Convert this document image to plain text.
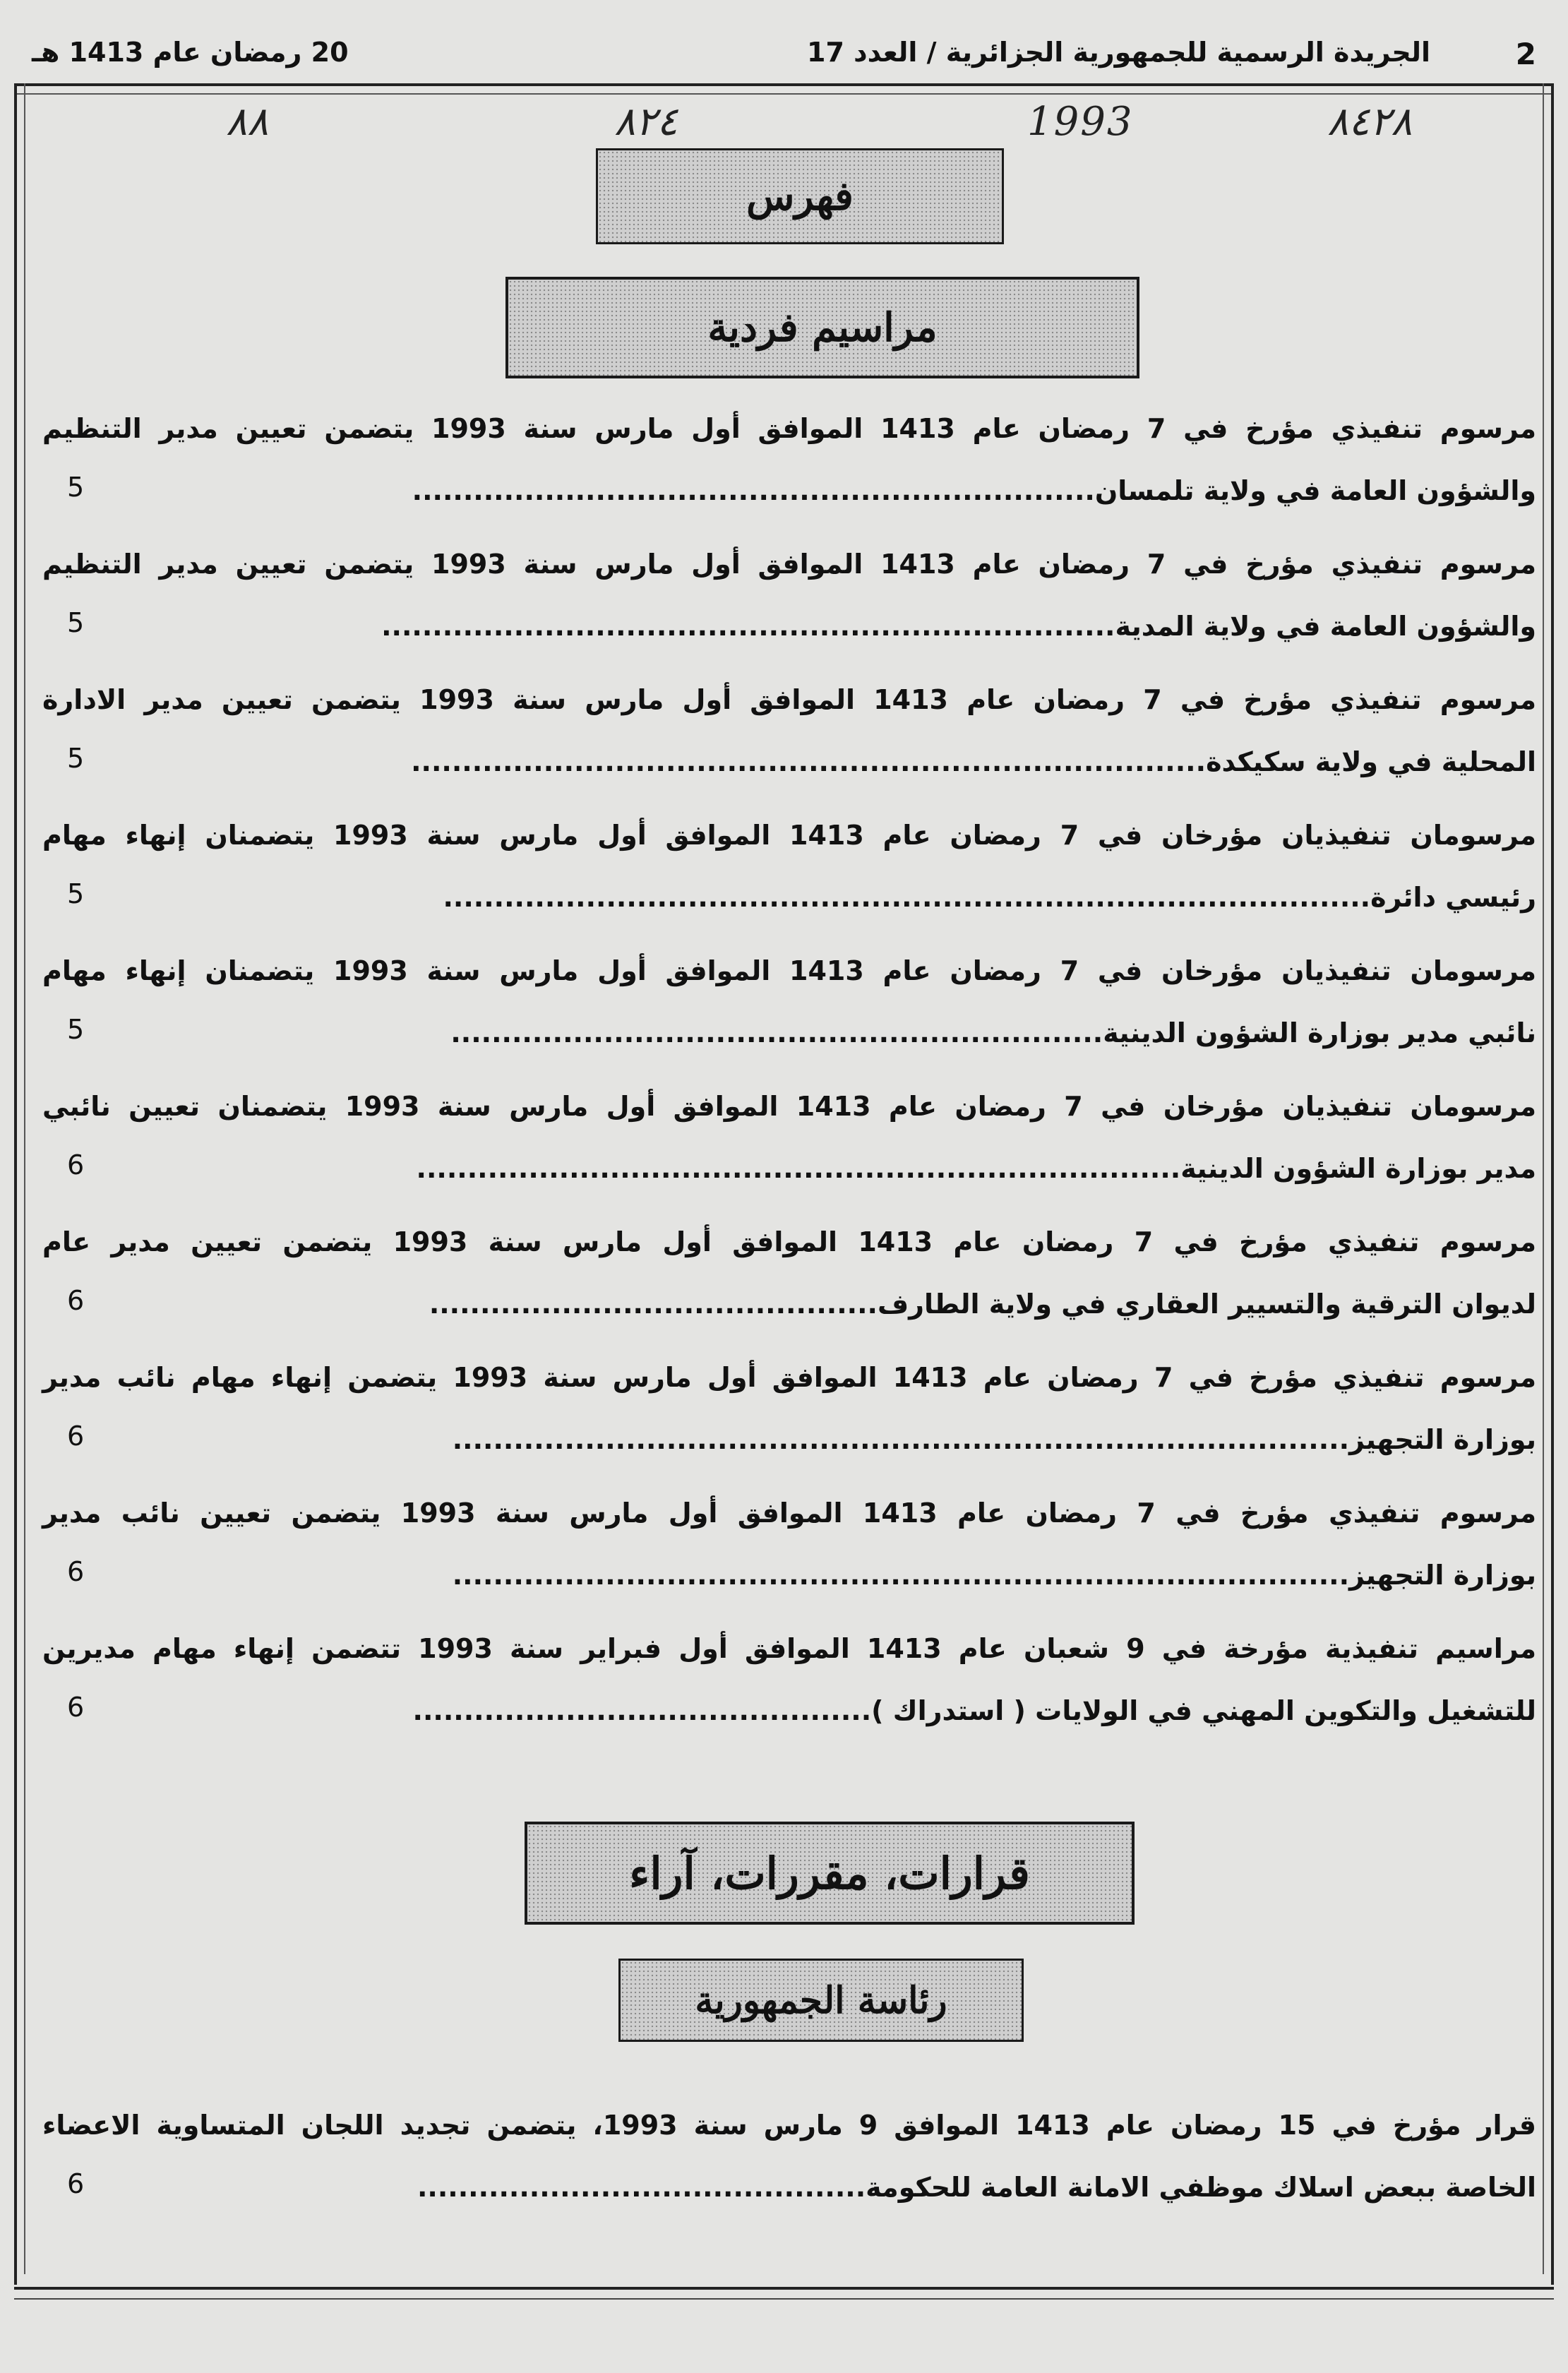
2
الجريدة الرسمية للجمهورية الجزائرية / العدد 17
20 رمضان عام 1413 هـ
٨٨	٨٢٤	1993	٨٤٢٨
فهرس
مراسيم فردية
مرسوم تنفيذي مؤرخ في 7 رمضان عام 1413 الموافق أول مارس سنة 1993 يتضمن تعيين مدير التنظيم
والشؤون العامة في ولاية تلمسان...................................................................
5
مرسوم تنفيذي مؤرخ في 7 رمضان عام 1413 الموافق أول مارس سنة 1993 يتضمن تعيين مدير التنظيم
والشؤون العامة في ولاية المدية........................................................................
5
مرسوم تنفيذي مؤرخ في 7 رمضان عام 1413 الموافق أول مارس سنة 1993 يتضمن تعيين مدير الادارة
المحلية في ولاية سكيكدة..............................................................................
5
مرسومان تنفيذيان مؤرخان في 7 رمضان عام 1413 الموافق أول مارس سنة 1993 يتضمنان إنهاء مهام
رئيسي دائرة...........................................................................................
5
مرسومان تنفيذيان مؤرخان في 7 رمضان عام 1413 الموافق أول مارس سنة 1993 يتضمنان إنهاء مهام
نائبي مدير بوزارة الشؤون الدينية................................................................
5
مرسومان تنفيذيان مؤرخان في 7 رمضان عام 1413 الموافق أول مارس سنة 1993 يتضمنان تعيين نائبي
مدير بوزارة الشؤون الدينية...........................................................................
6
مرسوم تنفيذي مؤرخ في 7 رمضان عام 1413 الموافق أول مارس سنة 1993 يتضمن تعيين مدير عام
لديوان الترقية والتسيير العقاري في ولاية الطارف............................................
6
مرسوم تنفيذي مؤرخ في 7 رمضان عام 1413 الموافق أول مارس سنة 1993 يتضمن إنهاء مهام نائب مدير
بوزارة التجهيز........................................................................................
6
مرسوم تنفيذي مؤرخ في 7 رمضان عام 1413 الموافق أول مارس سنة 1993 يتضمن تعيين نائب مدير
بوزارة التجهيز........................................................................................
6
مراسيم تنفيذية مؤرخة في 9 شعبان عام 1413 الموافق أول فبراير سنة 1993 تتضمن إنهاء مهام مديرين
للتشغيل والتكوين المهني في الولايات ( استدراك ).............................................
6
قرارات، مقررات، آراء
رئاسة الجمهورية
قرار مؤرخ في 15 رمضان عام 1413 الموافق 9 مارس سنة 1993، يتضمن تجديد اللجان المتساوية الاعضاء
الخاصة ببعض اسلاك موظفي الامانة العامة للحكومة............................................
6
